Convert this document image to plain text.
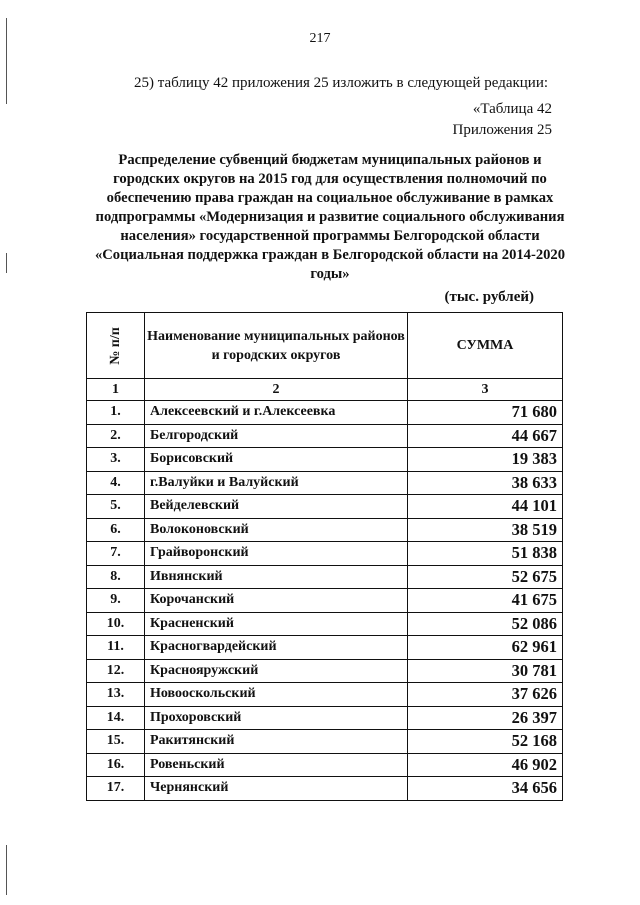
217
25) таблицу 42 приложения 25 изложить в следующей редакции:
«Таблица 42
Приложения 25
Распределение субвенций бюджетам муниципальных районов и городских округов на 2015 год для осуществления полномочий по обеспечению права граждан на социальное обслуживание в рамках подпрограммы «Модернизация и развитие социального обслуживания населения» государственной программы Белгородской области «Социальная поддержка граждан в Белгородской области на 2014-2020 годы»
(тыс. рублей)
№ п/п	Наименование муниципальных районов и городских округов	СУММА
1	2	3
1.	Алексеевский и г.Алексеевка	71 680
2.	Белгородский	44 667
3.	Борисовский	19 383
4.	г.Валуйки и Валуйский	38 633
5.	Вейделевский	44 101
6.	Волоконовский	38 519
7.	Грайворонский	51 838
8.	Ивнянский	52 675
9.	Корочанский	41 675
10.	Красненский	52 086
11.	Красногвардейский	62 961
12.	Краснояружский	30 781
13.	Новооскольский	37 626
14.	Прохоровский	26 397
15.	Ракитянский	52 168
16.	Ровеньский	46 902
17.	Чернянский	34 656
